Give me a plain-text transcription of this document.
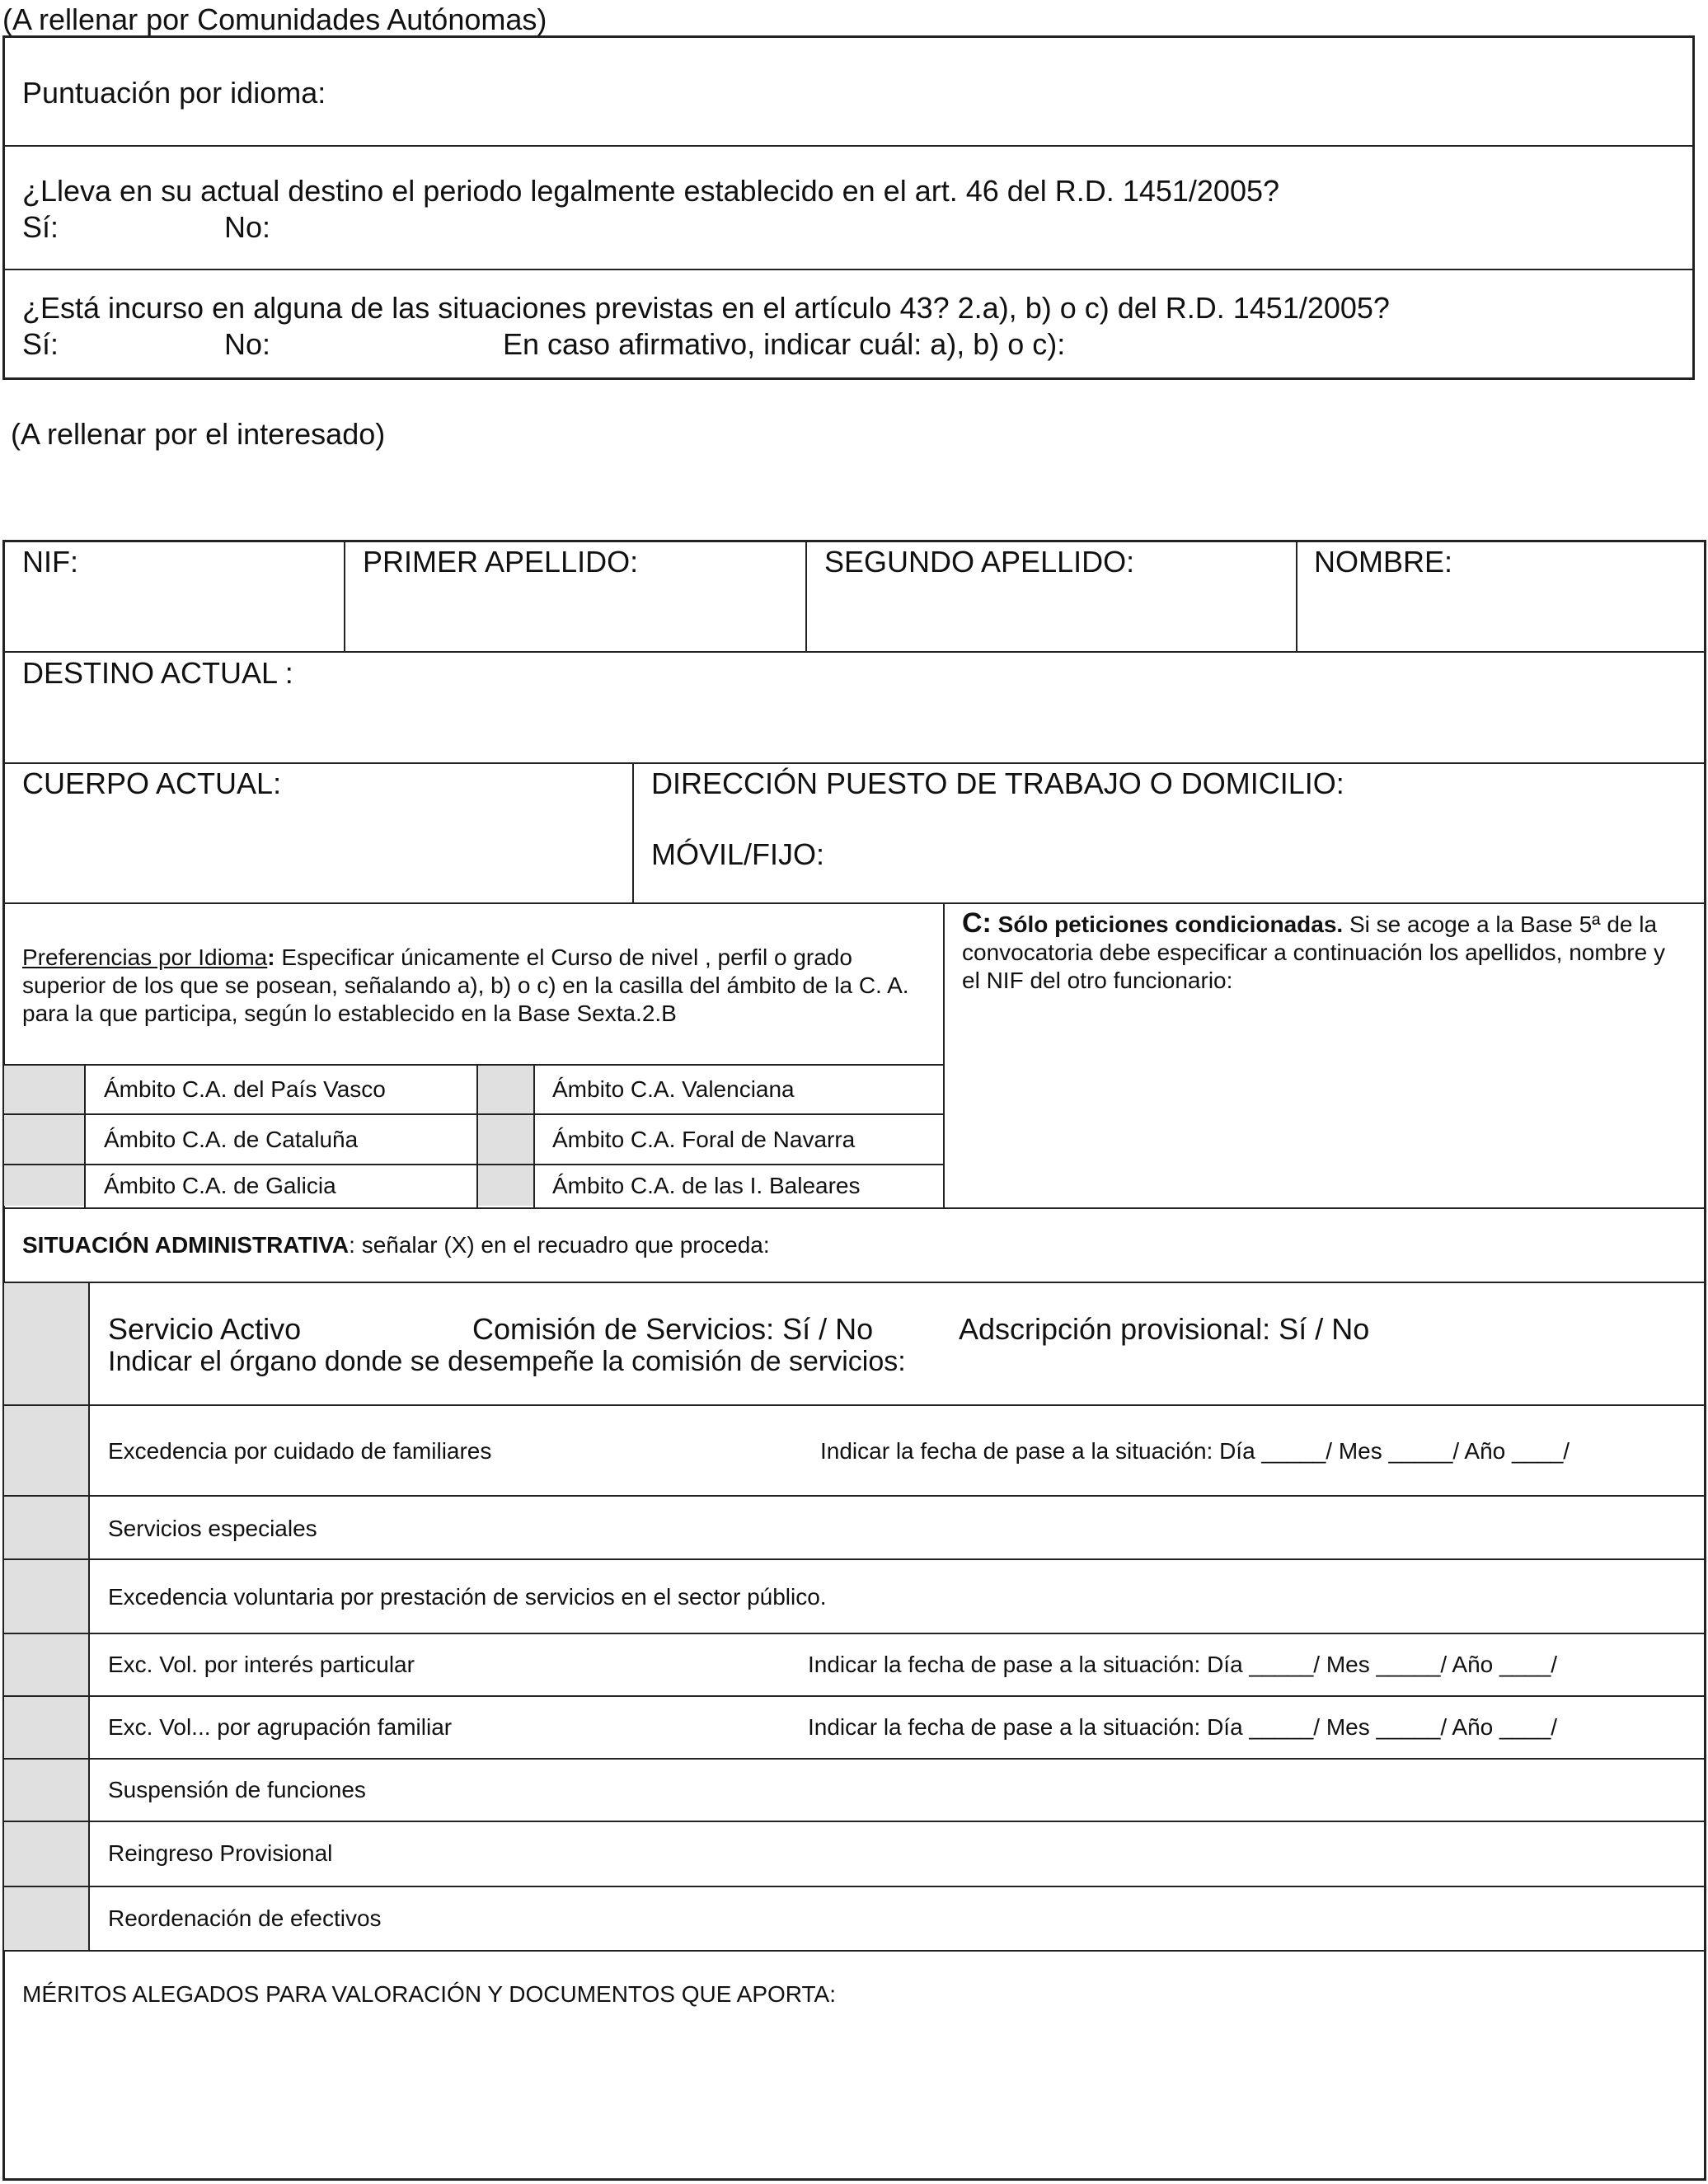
(A rellenar por Comunidades Autónomas)
Puntuación por idioma:
¿Lleva en su actual destino el periodo legalmente establecido en el art. 46 del R.D. 1451/2005?
Sí:	No:
¿Está incurso en alguna de las situaciones previstas en el artículo 43? 2.a), b) o c) del R.D. 1451/2005?
Sí:	No:	En caso afirmativo, indicar cuál: a), b) o c):
(A rellenar por el interesado)
NIF:	PRIMER APELLIDO:	SEGUNDO APELLIDO:	NOMBRE:
DESTINO ACTUAL :
CUERPO ACTUAL:	DIRECCIÓN PUESTO DE TRABAJO O DOMICILIO:
MÓVIL/FIJO:
Preferencias por Idioma: Especificar únicamente el Curso de nivel , perfil o grado superior de los que se posean, señalando a), b) o c) en la casilla del ámbito de la C. A. para la que participa, según lo establecido en la Base Sexta.2.B
C: Sólo peticiones condicionadas. Si se acoge a la Base 5ª de la convocatoria debe especificar a continuación los apellidos, nombre y el NIF del otro funcionario:
Ámbito C.A. del País Vasco	Ámbito C.A. Valenciana
Ámbito C.A. de Cataluña	Ámbito C.A. Foral de Navarra
Ámbito C.A. de Galicia	Ámbito C.A. de las I. Baleares
SITUACIÓN ADMINISTRATIVA: señalar (X) en el recuadro que proceda:
Servicio Activo	Comisión de Servicios: Sí / No	Adscripción provisional: Sí / No
Indicar el órgano donde se desempeñe la comisión de servicios:
Excedencia por cuidado de familiares	Indicar la fecha de pase a la situación: Día _____/ Mes _____/ Año ____/
Servicios especiales
Excedencia voluntaria por prestación de servicios en el sector público.
Exc. Vol. por interés particular	Indicar la fecha de pase a la situación: Día _____/ Mes _____/ Año ____/
Exc. Vol... por agrupación familiar	Indicar la fecha de pase a la situación: Día _____/ Mes _____/ Año ____/
Suspensión de funciones
Reingreso Provisional
Reordenación de efectivos
MÉRITOS ALEGADOS PARA VALORACIÓN Y DOCUMENTOS QUE APORTA:
